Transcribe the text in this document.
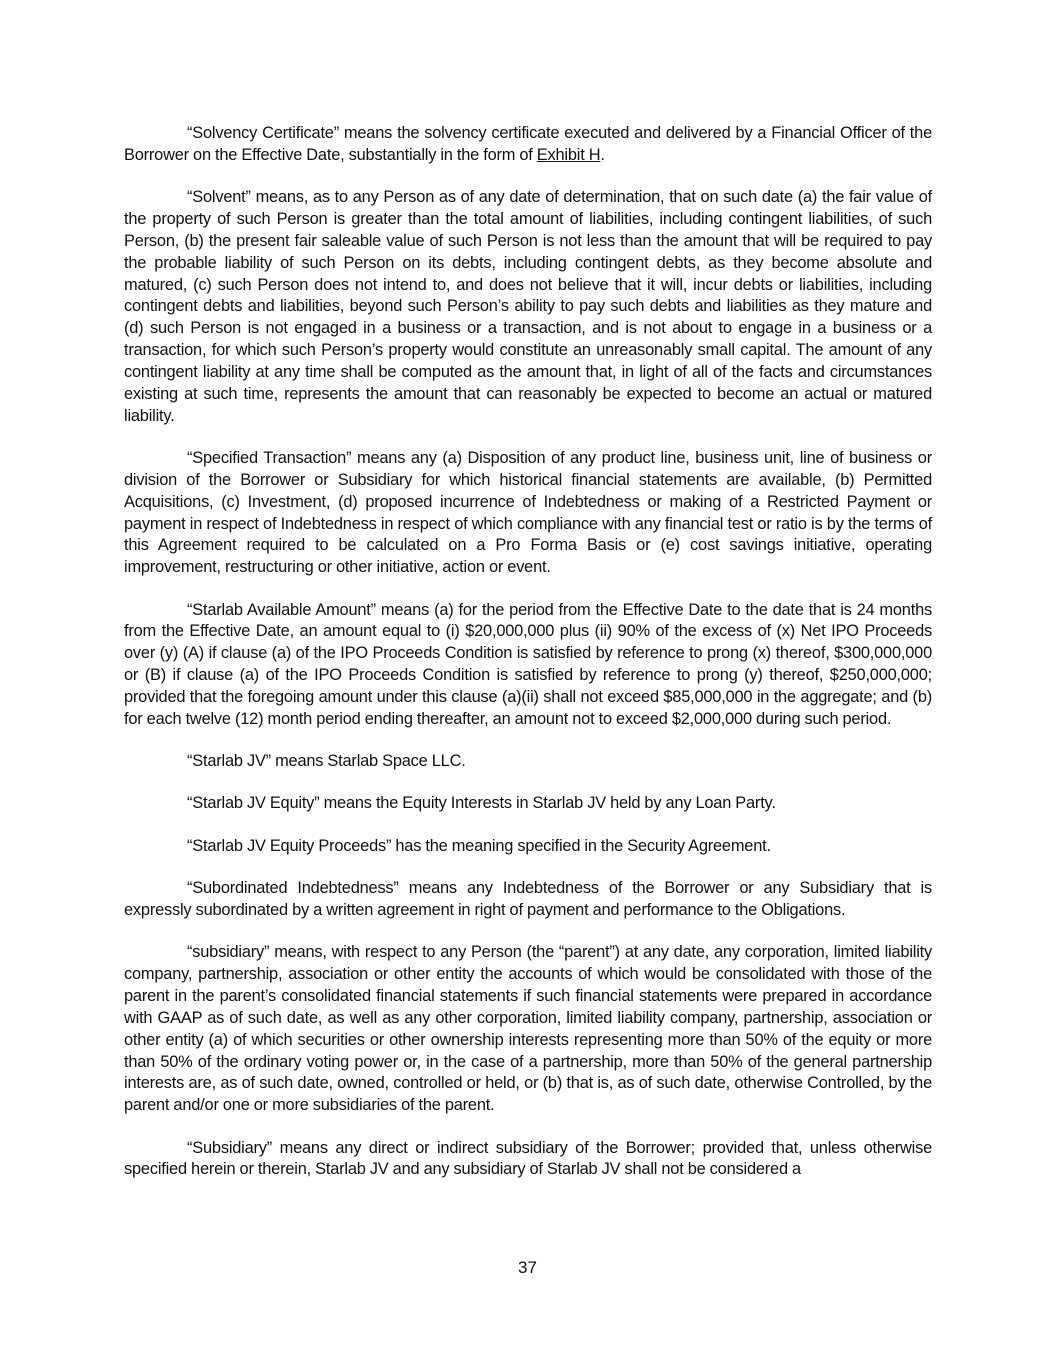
“Solvency Certificate” means the solvency certificate executed and delivered by a Financial Officer of the Borrower on the Effective Date, substantially in the form of Exhibit H.

“Solvent” means, as to any Person as of any date of determination, that on such date (a) the fair value of the property of such Person is greater than the total amount of liabilities, including contingent liabilities, of such Person, (b) the present fair saleable value of such Person is not less than the amount that will be required to pay the probable liability of such Person on its debts, including contingent debts, as they become absolute and matured, (c) such Person does not intend to, and does not believe that it will, incur debts or liabilities, including contingent debts and liabilities, beyond such Person’s ability to pay such debts and liabilities as they mature and (d) such Person is not engaged in a business or a transaction, and is not about to engage in a business or a transaction, for which such Person’s property would constitute an unreasonably small capital. The amount of any contingent liability at any time shall be computed as the amount that, in light of all of the facts and circumstances existing at such time, represents the amount that can reasonably be expected to become an actual or matured liability.

“Specified Transaction” means any (a) Disposition of any product line, business unit, line of business or division of the Borrower or Subsidiary for which historical financial statements are available, (b) Permitted Acquisitions, (c) Investment, (d) proposed incurrence of Indebtedness or making of a Restricted Payment or payment in respect of Indebtedness in respect of which compliance with any financial test or ratio is by the terms of this Agreement required to be calculated on a Pro Forma Basis or (e) cost savings initiative, operating improvement, restructuring or other initiative, action or event.

“Starlab Available Amount” means (a) for the period from the Effective Date to the date that is 24 months from the Effective Date, an amount equal to (i) $20,000,000 plus (ii) 90% of the excess of (x) Net IPO Proceeds over (y) (A) if clause (a) of the IPO Proceeds Condition is satisfied by reference to prong (x) thereof, $300,000,000 or (B) if clause (a) of the IPO Proceeds Condition is satisfied by reference to prong (y) thereof, $250,000,000; provided that the foregoing amount under this clause (a)(ii) shall not exceed $85,000,000 in the aggregate; and (b) for each twelve (12) month period ending thereafter, an amount not to exceed $2,000,000 during such period.

“Starlab JV” means Starlab Space LLC.

“Starlab JV Equity” means the Equity Interests in Starlab JV held by any Loan Party.

“Starlab JV Equity Proceeds” has the meaning specified in the Security Agreement.

“Subordinated Indebtedness” means any Indebtedness of the Borrower or any Subsidiary that is expressly subordinated by a written agreement in right of payment and performance to the Obligations.

“subsidiary” means, with respect to any Person (the “parent”) at any date, any corporation, limited liability company, partnership, association or other entity the accounts of which would be consolidated with those of the parent in the parent’s consolidated financial statements if such financial statements were prepared in accordance with GAAP as of such date, as well as any other corporation, limited liability company, partnership, association or other entity (a) of which securities or other ownership interests representing more than 50% of the equity or more than 50% of the ordinary voting power or, in the case of a partnership, more than 50% of the general partnership interests are, as of such date, owned, controlled or held, or (b) that is, as of such date, otherwise Controlled, by the parent and/or one or more subsidiaries of the parent.

“Subsidiary” means any direct or indirect subsidiary of the Borrower; provided that, unless otherwise specified herein or therein, Starlab JV and any subsidiary of Starlab JV shall not be considered a

37
